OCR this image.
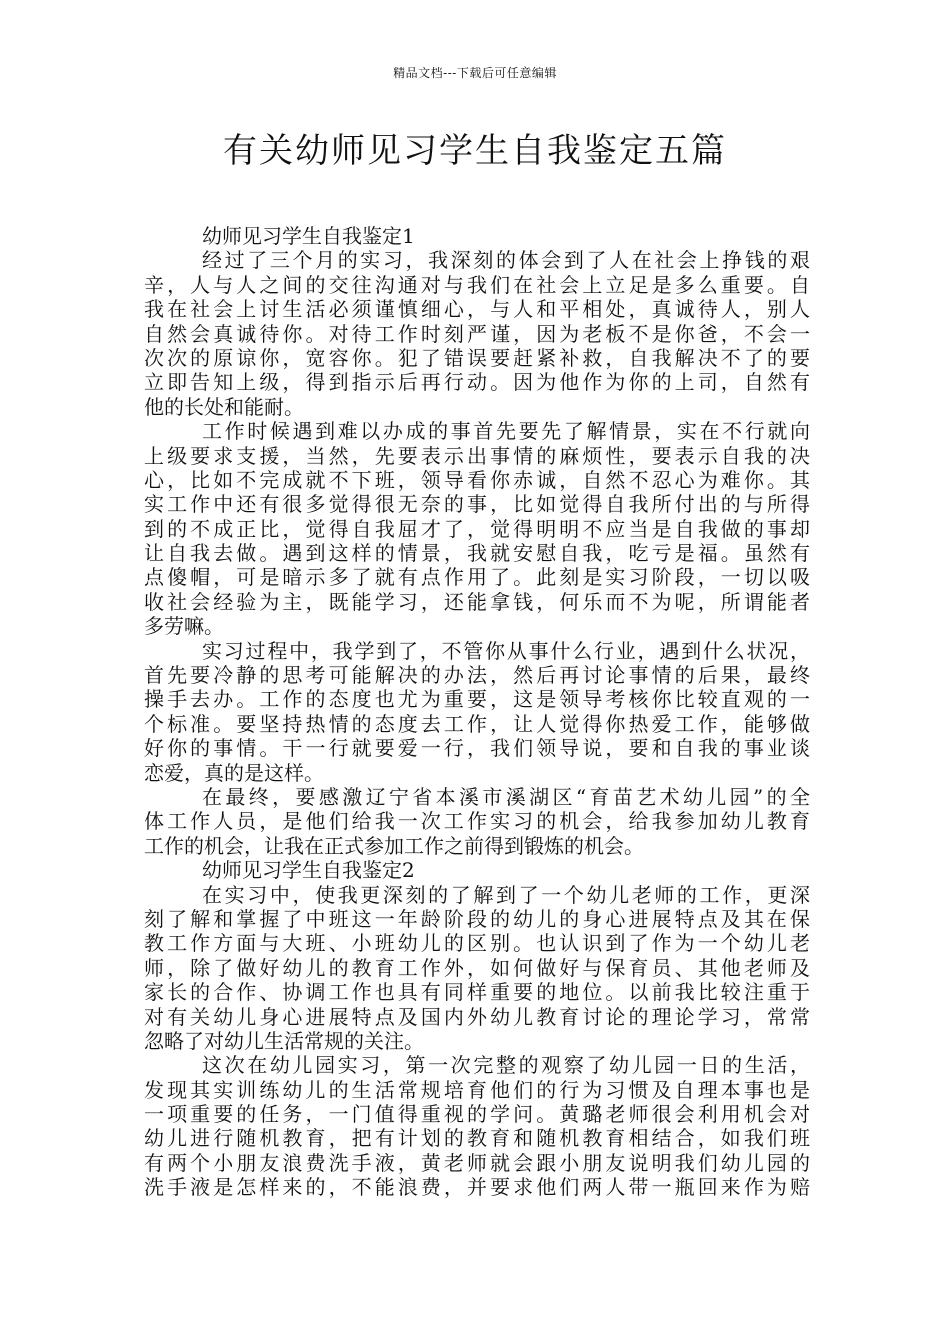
精品文档---下载后可任意编辑
有关幼师见习学生自我鉴定五篇
幼师见习学生自我鉴定1
经过了三个月的实习，我深刻的体会到了人在社会上挣钱的艰
辛，人与人之间的交往沟通对与我们在社会上立足是多么重要。自
我在社会上讨生活必须谨慎细心，与人和平相处，真诚待人，别人
自然会真诚待你。对待工作时刻严谨，因为老板不是你爸，不会一
次次的原谅你，宽容你。犯了错误要赶紧补救，自我解决不了的要
立即告知上级，得到指示后再行动。因为他作为你的上司，自然有
他的长处和能耐。
工作时候遇到难以办成的事首先要先了解情景，实在不行就向
上级要求支援，当然，先要表示出事情的麻烦性，要表示自我的决
心，比如不完成就不下班，领导看你赤诚，自然不忍心为难你。其
实工作中还有很多觉得很无奈的事，比如觉得自我所付出的与所得
到的不成正比，觉得自我屈才了，觉得明明不应当是自我做的事却
让自我去做。遇到这样的情景，我就安慰自我，吃亏是福。虽然有
点傻帽，可是暗示多了就有点作用了。此刻是实习阶段，一切以吸
收社会经验为主，既能学习，还能拿钱，何乐而不为呢，所谓能者
多劳嘛。
实习过程中，我学到了，不管你从事什么行业，遇到什么状况，
首先要冷静的思考可能解决的办法，然后再讨论事情的后果，最终
操手去办。工作的态度也尤为重要，这是领导考核你比较直观的一
个标准。要坚持热情的态度去工作，让人觉得你热爱工作，能够做
好你的事情。干一行就要爱一行，我们领导说，要和自我的事业谈
恋爱，真的是这样。
在最终，要感激辽宁省本溪市溪湖区“育苗艺术幼儿园”的全
体工作人员，是他们给我一次工作实习的机会，给我参加幼儿教育
工作的机会，让我在正式参加工作之前得到锻炼的机会。
幼师见习学生自我鉴定2
在实习中，使我更深刻的了解到了一个幼儿老师的工作，更深
刻了解和掌握了中班这一年龄阶段的幼儿的身心进展特点及其在保
教工作方面与大班、小班幼儿的区别。也认识到了作为一个幼儿老
师，除了做好幼儿的教育工作外，如何做好与保育员、其他老师及
家长的合作、协调工作也具有同样重要的地位。以前我比较注重于
对有关幼儿身心进展特点及国内外幼儿教育讨论的理论学习，常常
忽略了对幼儿生活常规的关注。
这次在幼儿园实习，第一次完整的观察了幼儿园一日的生活，
发现其实训练幼儿的生活常规培育他们的行为习惯及自理本事也是
一项重要的任务，一门值得重视的学问。黄璐老师很会利用机会对
幼儿进行随机教育，把有计划的教育和随机教育相结合，如我们班
有两个小朋友浪费洗手液，黄老师就会跟小朋友说明我们幼儿园的
洗手液是怎样来的，不能浪费，并要求他们两人带一瓶回来作为赔
